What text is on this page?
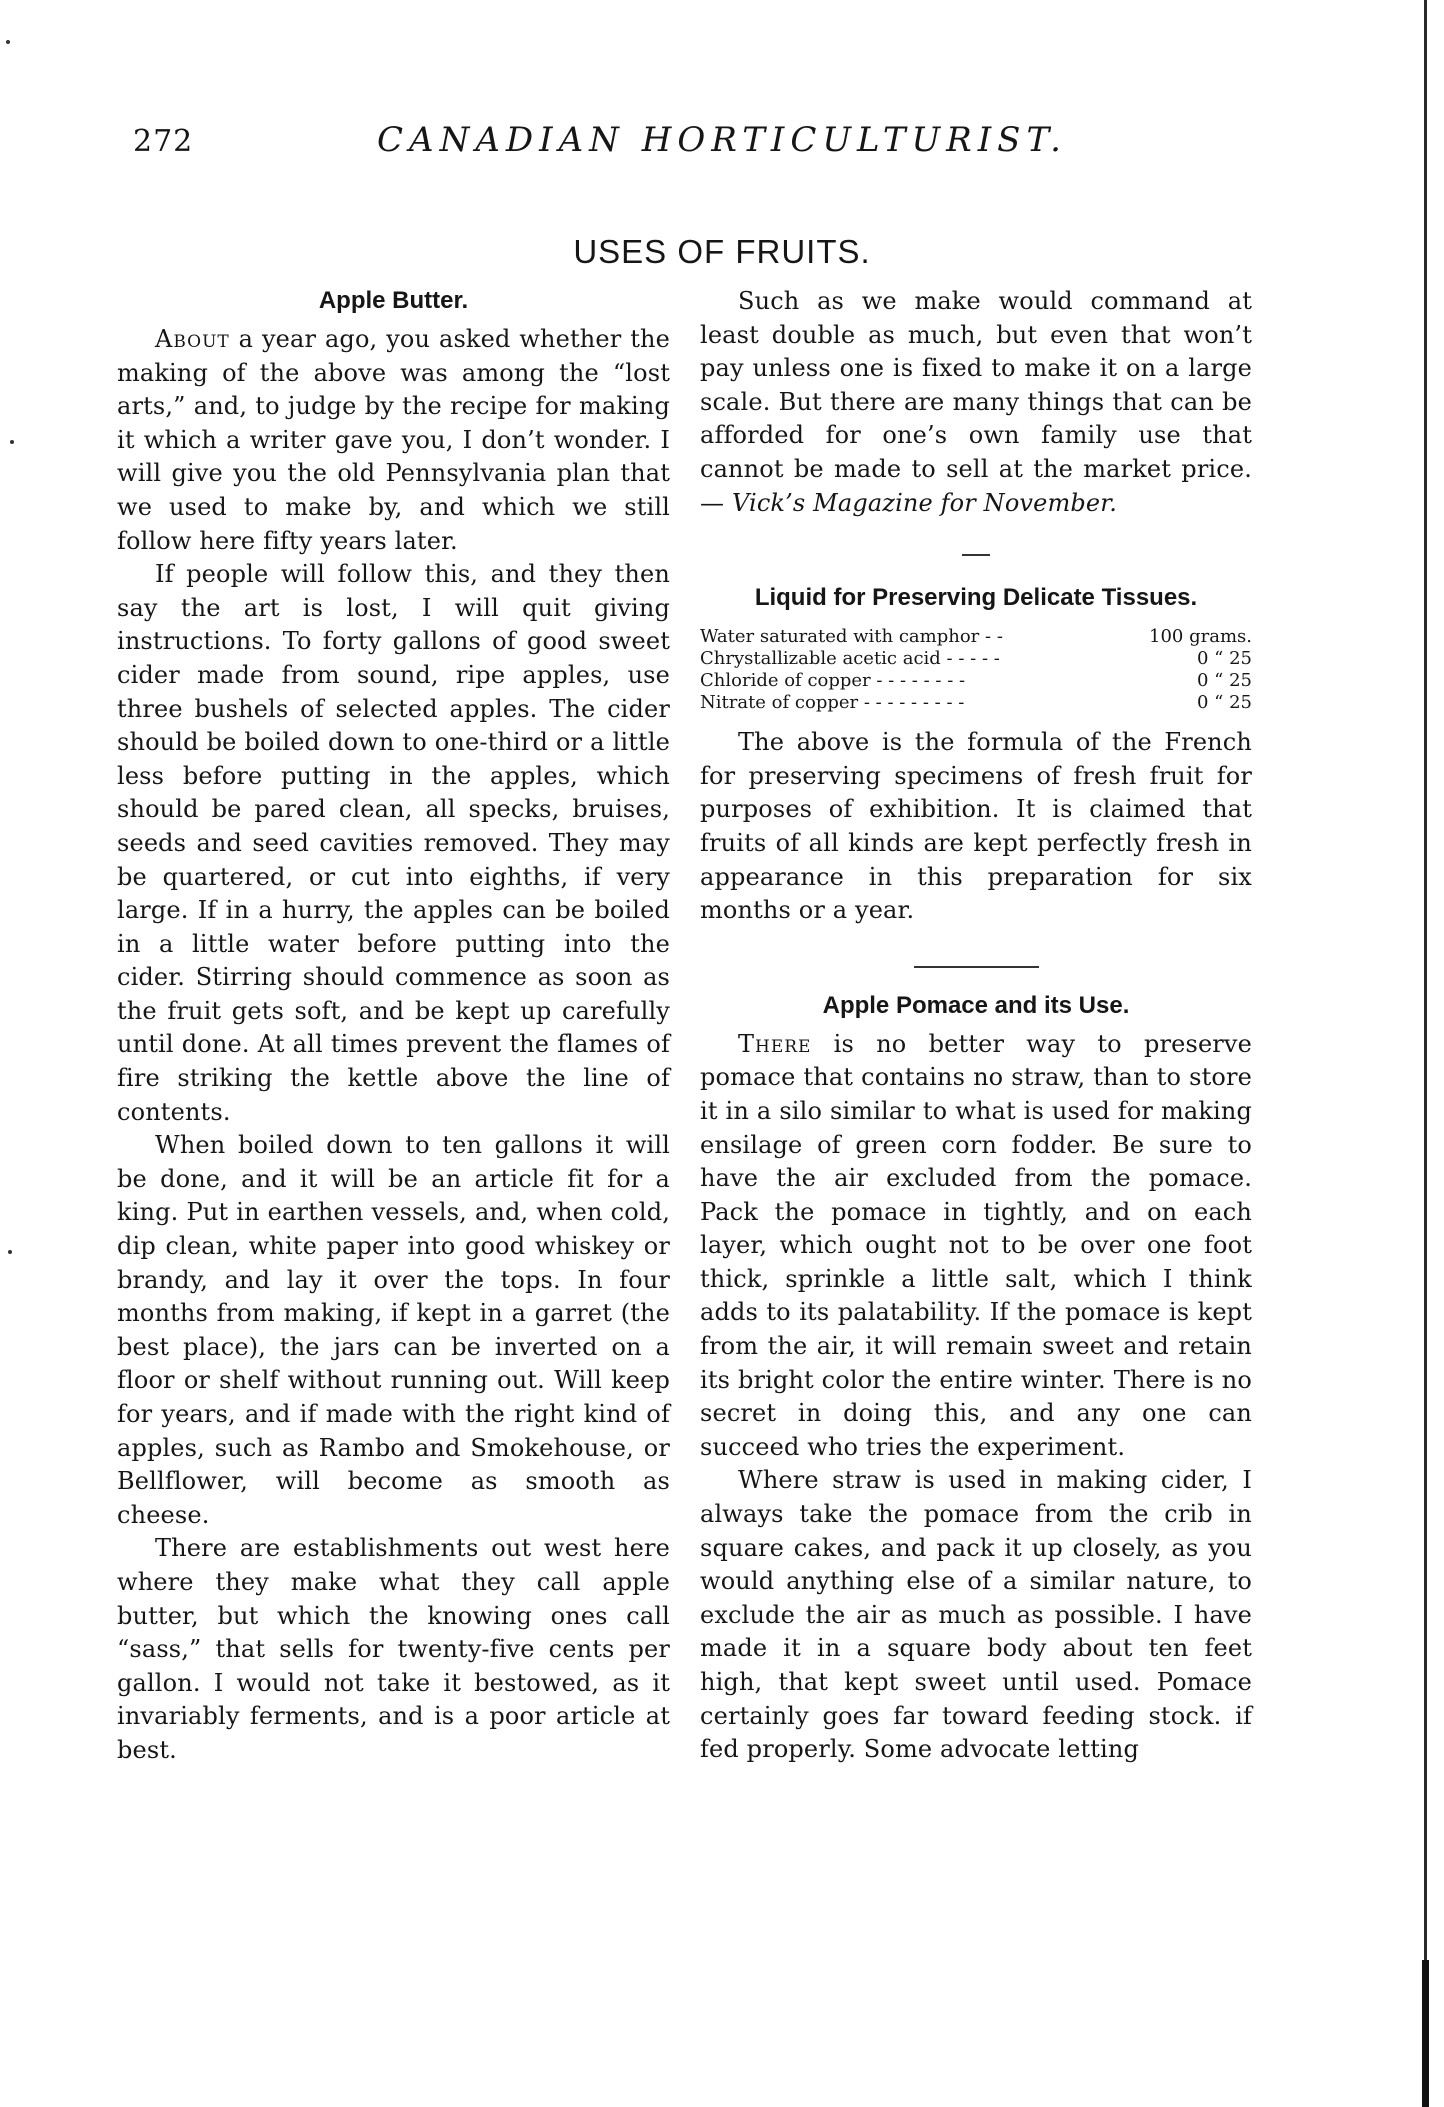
272	CANADIAN HORTICULTURIST.
USES OF FRUITS.
Apple Butter.

About a year ago, you asked whether the making of the above was among the “lost arts,” and, to judge by the recipe for making it which a writer gave you, I don’t wonder. I will give you the old Pennsylvania plan that we used to make by, and which we still follow here fifty years later.

If people will follow this, and they then say the art is lost, I will quit giving instructions. To forty gallons of good sweet cider made from sound, ripe apples, use three bushels of selected apples. The cider should be boiled down to one-third or a little less before putting in the apples, which should be pared clean, all specks, bruises, seeds and seed cavities removed. They may be quartered, or cut into eighths, if very large. If in a hurry, the apples can be boiled in a little water before putting into the cider. Stirring should commence as soon as the fruit gets soft, and be kept up carefully until done. At all times prevent the flames of fire striking the kettle above the line of contents.

When boiled down to ten gallons it will be done, and it will be an article fit for a king. Put in earthen vessels, and, when cold, dip clean, white paper into good whiskey or brandy, and lay it over the tops. In four months from making, if kept in a garret (the best place), the jars can be inverted on a floor or shelf without running out. Will keep for years, and if made with the right kind of apples, such as Rambo and Smokehouse, or Bellflower, will become as smooth as cheese.

There are establishments out west here where they make what they call apple butter, but which the knowing ones call “sass,” that sells for twenty-five cents per gallon. I would not take it bestowed, as it invariably ferments, and is a poor article at best.

Such as we make would command at least double as much, but even that won’t pay unless one is fixed to make it on a large scale. But there are many things that can be afforded for one’s own family use that cannot be made to sell at the market price.— Vick’s Magazine for November.

Liquid for Preserving Delicate Tissues.
Water saturated with camphor - -	100 grams.
Chrystallizable acetic acid - - - - -	0 “ 25
Chloride of copper - - - - - - - -	0 “ 25
Nitrate of copper - - - - - - - - -	0 “ 25

The above is the formula of the French for preserving specimens of fresh fruit for purposes of exhibition. It is claimed that fruits of all kinds are kept perfectly fresh in appearance in this preparation for six months or a year.

Apple Pomace and its Use.

There is no better way to preserve pomace that contains no straw, than to store it in a silo similar to what is used for making ensilage of green corn fodder. Be sure to have the air excluded from the pomace. Pack the pomace in tightly, and on each layer, which ought not to be over one foot thick, sprinkle a little salt, which I think adds to its palatability. If the pomace is kept from the air, it will remain sweet and retain its bright color the entire winter. There is no secret in doing this, and any one can succeed who tries the experiment.

Where straw is used in making cider, I always take the pomace from the crib in square cakes, and pack it up closely, as you would anything else of a similar nature, to exclude the air as much as possible. I have made it in a square body about ten feet high, that kept sweet until used. Pomace certainly goes far toward feeding stock. if fed properly. Some advocate letting
